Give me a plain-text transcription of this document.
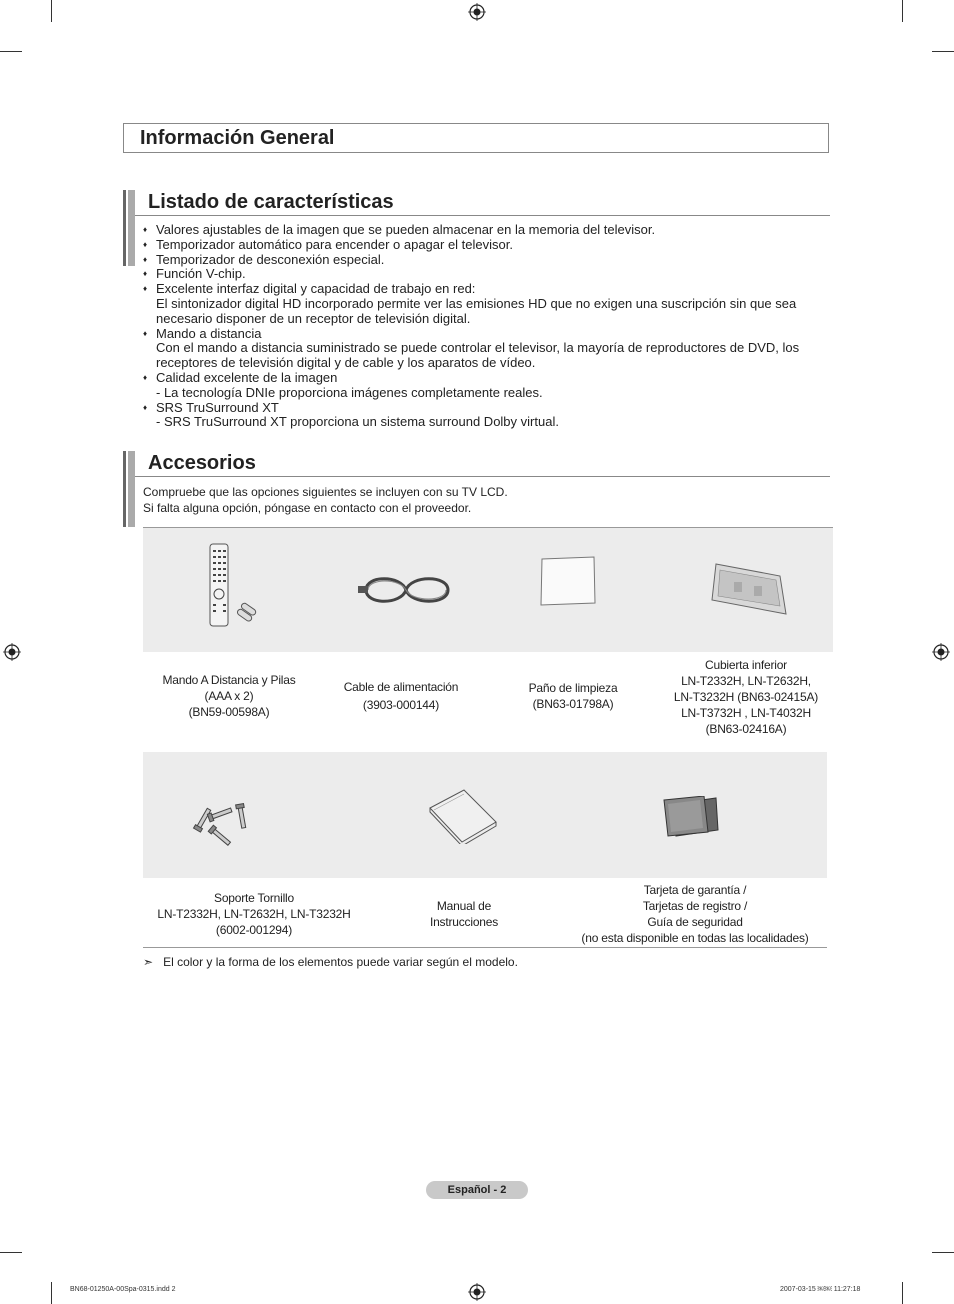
Información General
Listado de características
♦ Valores ajustables de la imagen que se pueden almacenar en la memoria del televisor.
♦ Temporizador automático para encender o apagar el televisor.
♦ Temporizador de desconexión especial.
♦ Función V-chip.
♦ Excelente interfaz digital y capacidad de trabajo en red:
El sintonizador digital HD incorporado permite ver las emisiones HD que no exigen una suscripción sin que sea necesario disponer de un receptor de televisión digital.
♦ Mando a distancia
Con el mando a distancia suministrado se puede controlar el televisor, la mayoría de reproductores de DVD, los receptores de televisión digital y de cable y los aparatos de vídeo.
♦ Calidad excelente de la imagen
- La tecnología DNIe proporciona imágenes completamente reales.
♦ SRS TruSurround XT
- SRS TruSurround XT proporciona un sistema surround Dolby virtual.
Accesorios
Compruebe que las opciones siguientes se incluyen con su TV LCD.
Si falta alguna opción, póngase en contacto con el proveedor.
Mando A Distancia y Pilas
(AAA x 2)
(BN59-00598A)
Cable de alimentación
(3903-000144)
Paño de limpieza
(BN63-01798A)
Cubierta inferior
LN-T2332H, LN-T2632H,
LN-T3232H (BN63-02415A)
LN-T3732H , LN-T4032H
(BN63-02416A)
Soporte Tornillo
LN-T2332H, LN-T2632H, LN-T3232H
(6002-001294)
Manual de
Instrucciones
Tarjeta de garantía /
Tarjetas de registro /
Guía de seguridad
(no esta disponible en todas las localidades)
➣ El color y la forma de los elementos puede variar según el modelo.
Español - 2
BN68-01250A-00Spa-0315.indd 2	2007-03-15 ￼￼ 11:27:18
